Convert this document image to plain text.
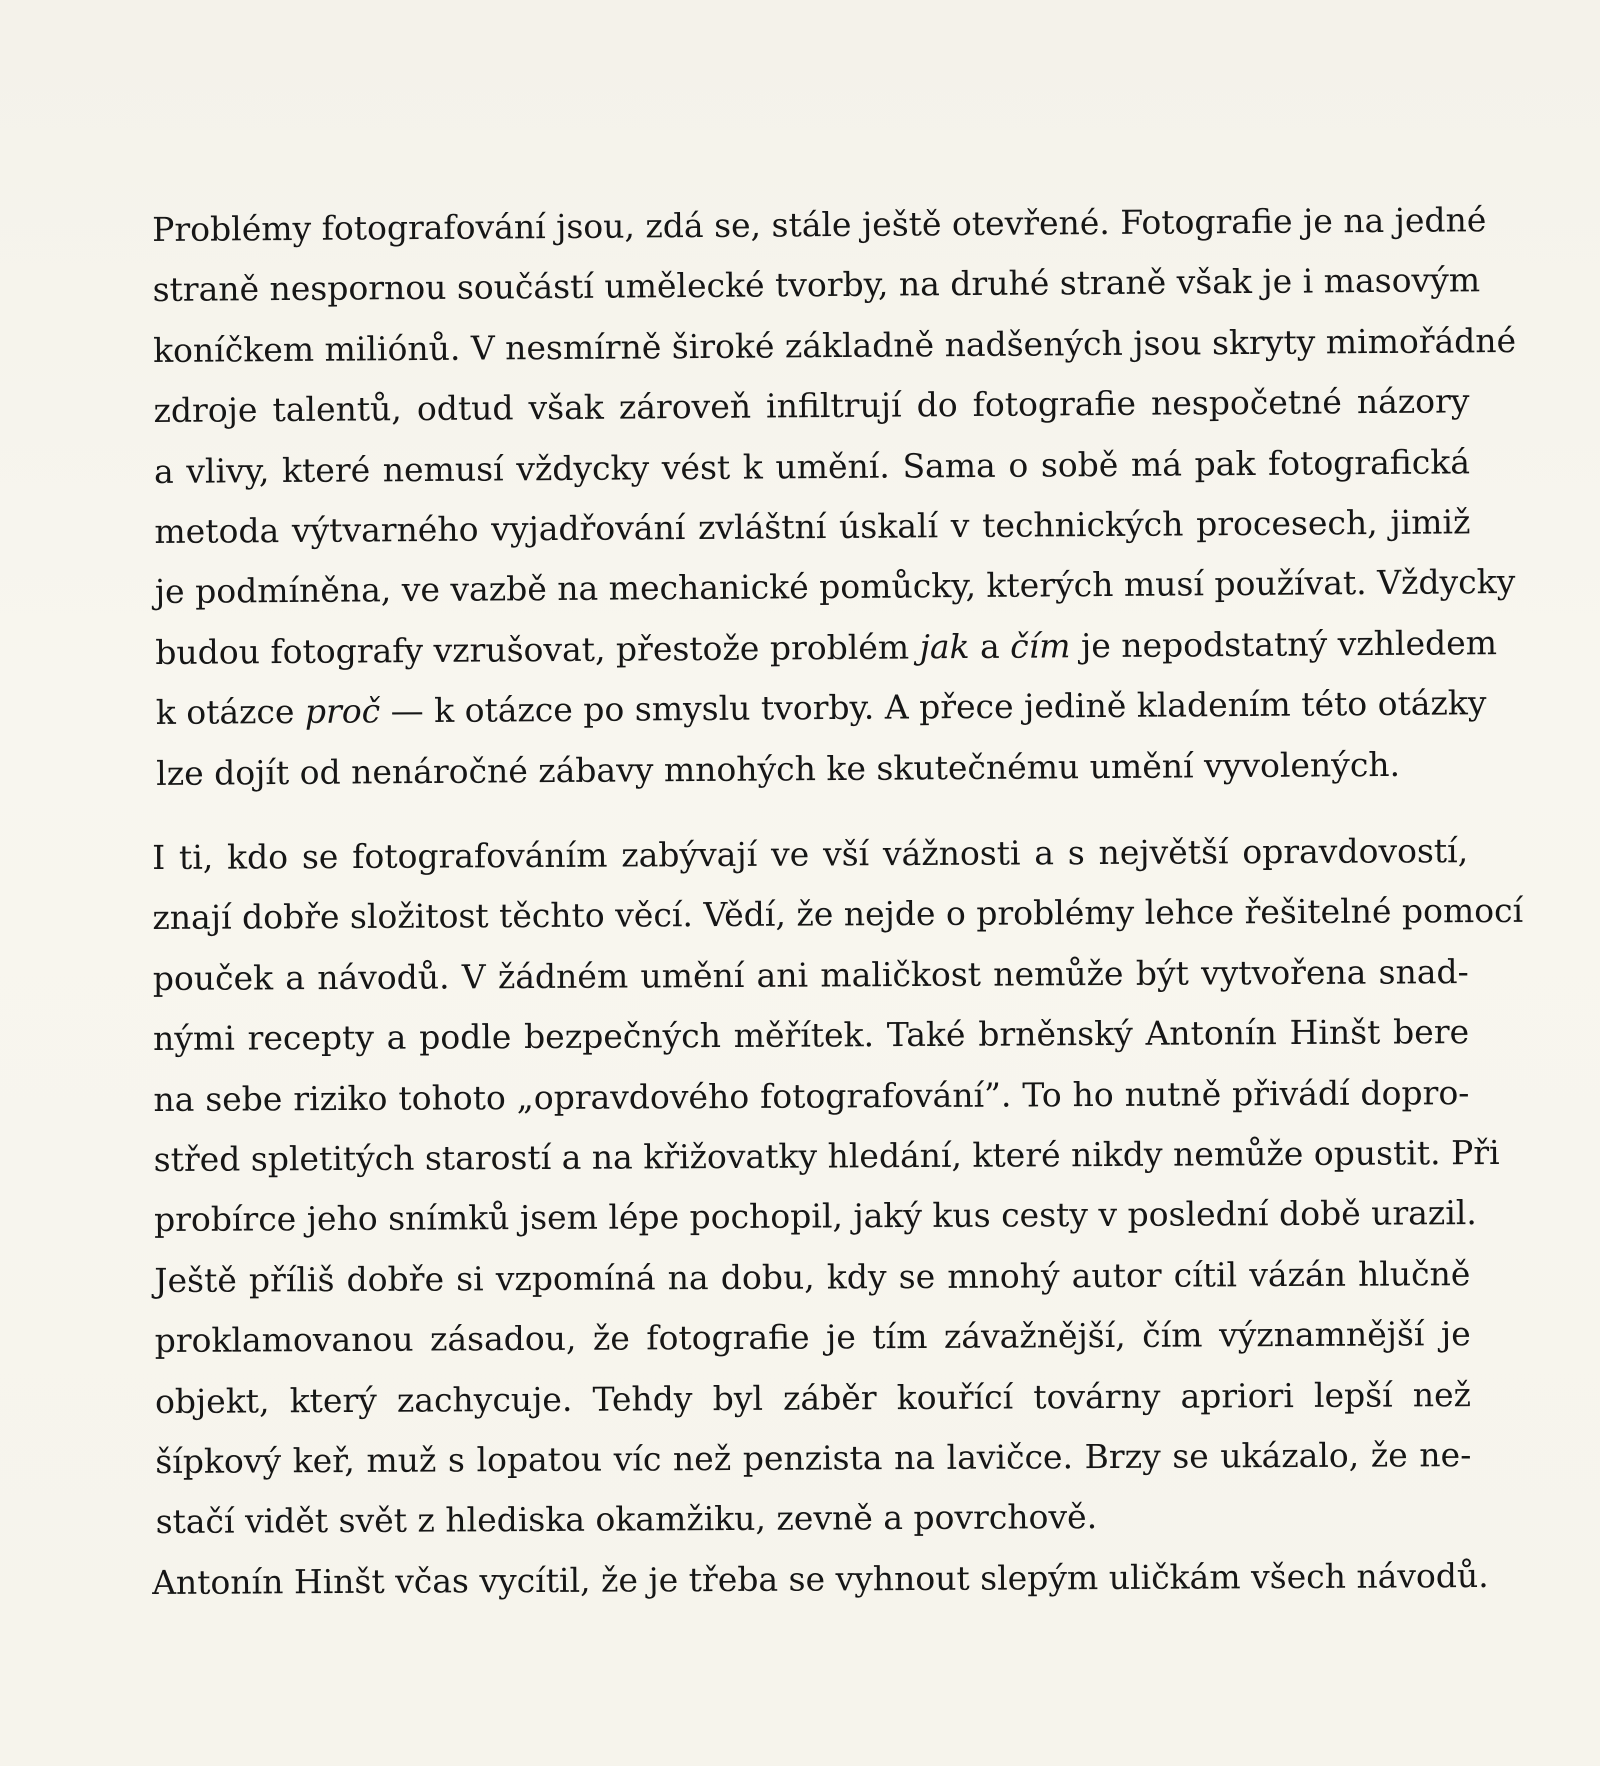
Problémy fotografování jsou, zdá se, stále ještě otevřené. Fotografie je na jedné
straně nespornou součástí umělecké tvorby, na druhé straně však je i masovým
koníčkem miliónů. V nesmírně široké základně nadšených jsou skryty mimořádné
zdroje talentů, odtud však zároveň infiltrují do fotografie nespočetné názory
a vlivy, které nemusí vždycky vést k umění. Sama o sobě má pak fotografická
metoda výtvarného vyjadřování zvláštní úskalí v technických procesech, jimiž
je podmíněna, ve vazbě na mechanické pomůcky, kterých musí používat. Vždycky
budou fotografy vzrušovat, přestože problém jak a čím je nepodstatný vzhledem
k otázce proč — k otázce po smyslu tvorby. A přece jedině kladením této otázky
lze dojít od nenáročné zábavy mnohých ke skutečnému umění vyvolených.

I ti, kdo se fotografováním zabývají ve vší vážnosti a s největší opravdovostí,
znají dobře složitost těchto věcí. Vědí, že nejde o problémy lehce řešitelné pomocí
pouček a návodů. V žádném umění ani maličkost nemůže být vytvořena snad-
nými recepty a podle bezpečných měřítek. Také brněnský Antonín Hinšt bere
na sebe riziko tohoto „opravdového fotografování”. To ho nutně přivádí dopro-
střed spletitých starostí a na křižovatky hledání, které nikdy nemůže opustit. Při
probírce jeho snímků jsem lépe pochopil, jaký kus cesty v poslední době urazil.
Ještě příliš dobře si vzpomíná na dobu, kdy se mnohý autor cítil vázán hlučně
proklamovanou zásadou, že fotografie je tím závažnější, čím významnější je
objekt, který zachycuje. Tehdy byl záběr kouřící továrny apriori lepší než
šípkový keř, muž s lopatou víc než penzista na lavičce. Brzy se ukázalo, že ne-
stačí vidět svět z hlediska okamžiku, zevně a povrchově.

Antonín Hinšt včas vycítil, že je třeba se vyhnout slepým uličkám všech návodů.
